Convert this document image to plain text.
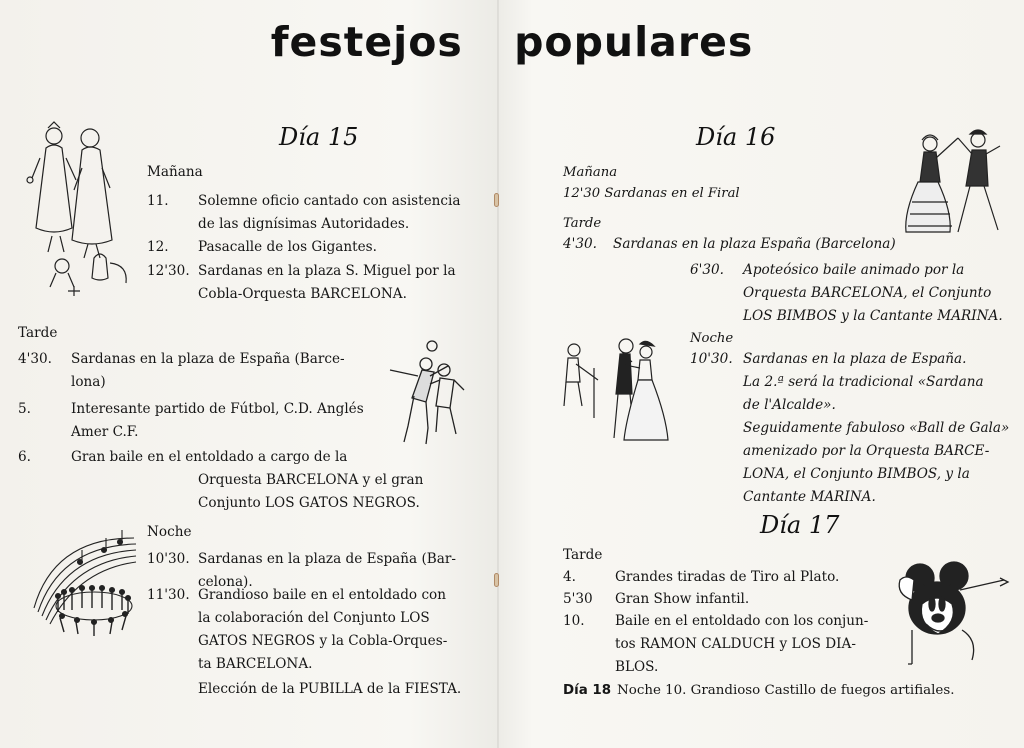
festejos populares
Día 15
Mañana
11. Solemne oficio cantado con asistencia
de las dignísimas Autoridades.
12. Pasacalle de los Gigantes.
12'30. Sardanas en la plaza S. Miguel por la
Cobla-Orquesta BARCELONA.
Tarde
4'30. Sardanas en la plaza de España (Barce-
lona)
5.	Interesante partido de Fútbol, C.D. Anglés
Amer C.F.
6.	Gran baile en el entoldado a cargo de la
Orquesta BARCELONA y el gran
Conjunto LOS GATOS NEGROS.
Noche
10'30. Sardanas en la plaza de España (Bar-
celona).
11'30. Grandioso baile en el entoldado con
la colaboración del Conjunto LOS
GATOS NEGROS y la Cobla-Orques-
ta BARCELONA.
Elección de la PUBILLA de la FIESTA.
Día 16
Mañana
12'30 Sardanas en el Firal
Tarde
4'30. Sardanas en la plaza España (Barcelona)
6'30. Apoteósico baile animado por la
Orquesta BARCELONA, el Conjunto
LOS BIMBOS y la Cantante MARINA.
Noche
10'30. Sardanas en la plaza de España.
La 2.ª será la tradicional «Sardana
de l'Alcalde».
Seguidamente fabuloso «Ball de Gala»
amenizado por la Orquesta BARCE-
LONA, el Conjunto BIMBOS, y la
Cantante MARINA.
Día 17
Tarde
4.	Grandes tiradas de Tiro al Plato.
5'30 Gran Show infantil.
10. Baile en el entoldado con los conjun-
tos RAMON CALDUCH y LOS DIA-
BLOS.
Día 18 Noche 10. Grandioso Castillo de fuegos artifiales.
